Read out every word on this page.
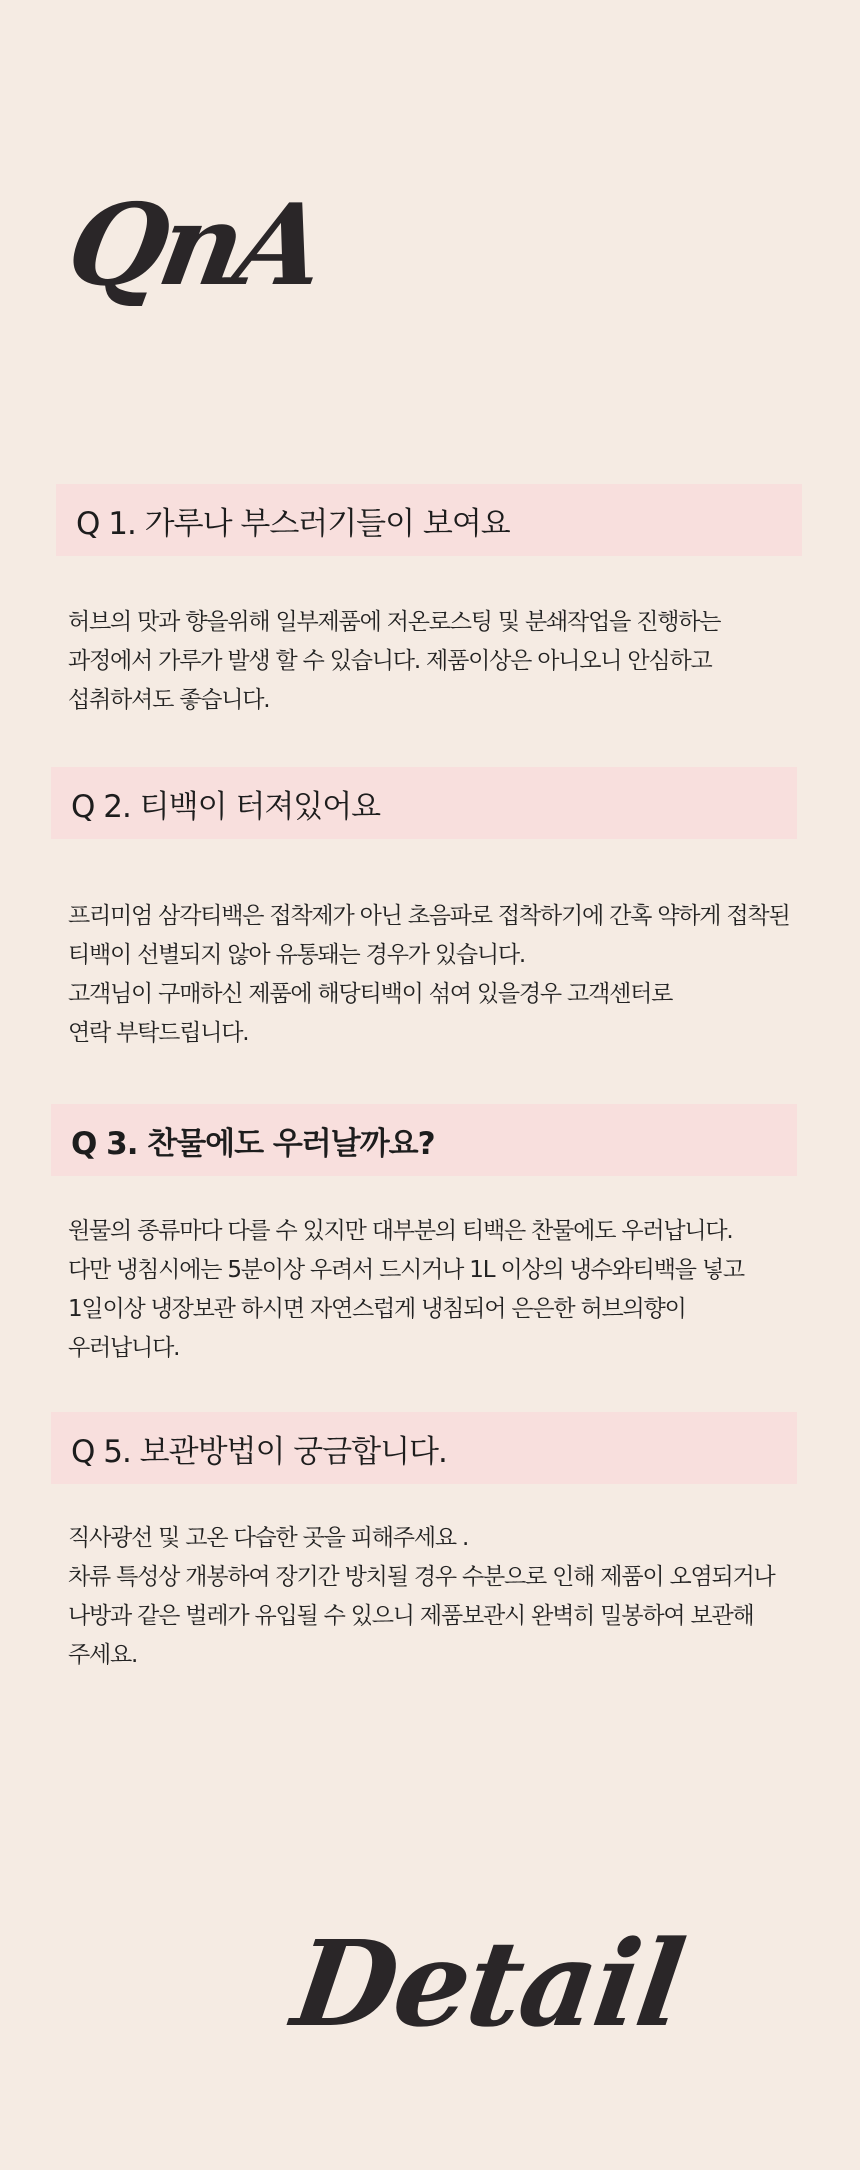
QnA
Q 1. 가루나 부스러기들이 보여요

허브의 맛과 향을위해 일부제품에 저온로스팅 및 분쇄작업을 진행하는

과정에서 가루가 발생 할 수 있습니다. 제품이상은 아니오니 안심하고

섭취하셔도 좋습니다.

Q 2. 티백이 터져있어요

프리미엄 삼각티백은 접착제가 아닌 초음파로 접착하기에 간혹 약하게 접착된

티백이 선별되지 않아 유통돼는 경우가 있습니다.

고객님이 구매하신 제품에 해당티백이 섞여 있을경우 고객센터로

연락 부탁드립니다.

Q 3. 찬물에도 우러날까요?

원물의 종류마다 다를 수 있지만 대부분의 티백은 찬물에도 우러납니다.

다만 냉침시에는 5분이상 우려서 드시거나 1L 이상의 냉수와티백을 넣고

1일이상 냉장보관 하시면 자연스럽게 냉침되어 은은한 허브의향이

우러납니다.

Q 5. 보관방법이 궁금합니다.

직사광선 및 고온 다습한 곳을 피해주세요 .

차류 특성상 개봉하여 장기간 방치될 경우 수분으로 인해 제품이 오염되거나

나방과 같은 벌레가 유입될 수 있으니 제품보관시 완벽히 밀봉하여 보관해

주세요.

Detail
